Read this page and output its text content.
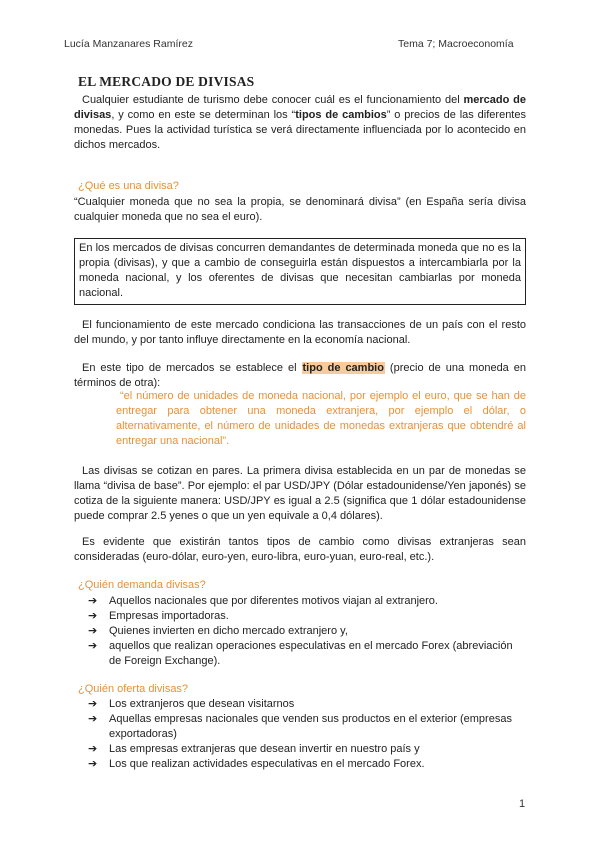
Lucía Manzanares Ramírez	Tema 7; Macroeconomía
EL MERCADO DE DIVISAS

Cualquier estudiante de turismo debe conocer cuál es el funcionamiento del mercado de divisas, y como en este se determinan los “tipos de cambios” o precios de las diferentes monedas. Pues la actividad turística se verá directamente influenciada por lo acontecido en dichos mercados.

¿Qué es una divisa?

“Cualquier moneda que no sea la propia, se denominará divisa” (en España sería divisa cualquier moneda que no sea el euro).

En los mercados de divisas concurren demandantes de determinada moneda que no es la propia (divisas), y que a cambio de conseguirla están dispuestos a intercambiarla por la moneda nacional, y los oferentes de divisas que necesitan cambiarlas por moneda nacional.

El funcionamiento de este mercado condiciona las transacciones de un país con el resto del mundo, y por tanto influye directamente en la economía nacional.

En este tipo de mercados se establece el tipo de cambio (precio de una moneda en términos de otra):

“el número de unidades de moneda nacional, por ejemplo el euro, que se han de entregar para obtener una moneda extranjera, por ejemplo el dólar, o alternativamente, el número de unidades de monedas extranjeras que obtendré al entregar una nacional”.

Las divisas se cotizan en pares. La primera divisa establecida en un par de monedas se llama “divisa de base”. Por ejemplo: el par USD/JPY (Dólar estadounidense/Yen japonés) se cotiza de la siguiente manera: USD/JPY es igual a 2.5 (significa que 1 dólar estadounidense puede comprar 2.5 yenes o que un yen equivale a 0,4 dólares).

Es evidente que existirán tantos tipos de cambio como divisas extranjeras sean consideradas (euro-dólar, euro-yen, euro-libra, euro-yuan, euro-real, etc.).

¿Quién demanda divisas?
➔ Aquellos nacionales que por diferentes motivos viajan al extranjero.
➔ Empresas importadoras.
➔ Quienes invierten en dicho mercado extranjero y,
➔ aquellos que realizan operaciones especulativas en el mercado Forex (abreviación de Foreign Exchange).
¿Quién oferta divisas?
➔ Los extranjeros que desean visitarnos
➔ Aquellas empresas nacionales que venden sus productos en el exterior (empresas exportadoras)
➔ Las empresas extranjeras que desean invertir en nuestro país y
➔ Los que realizan actividades especulativas en el mercado Forex.
1
